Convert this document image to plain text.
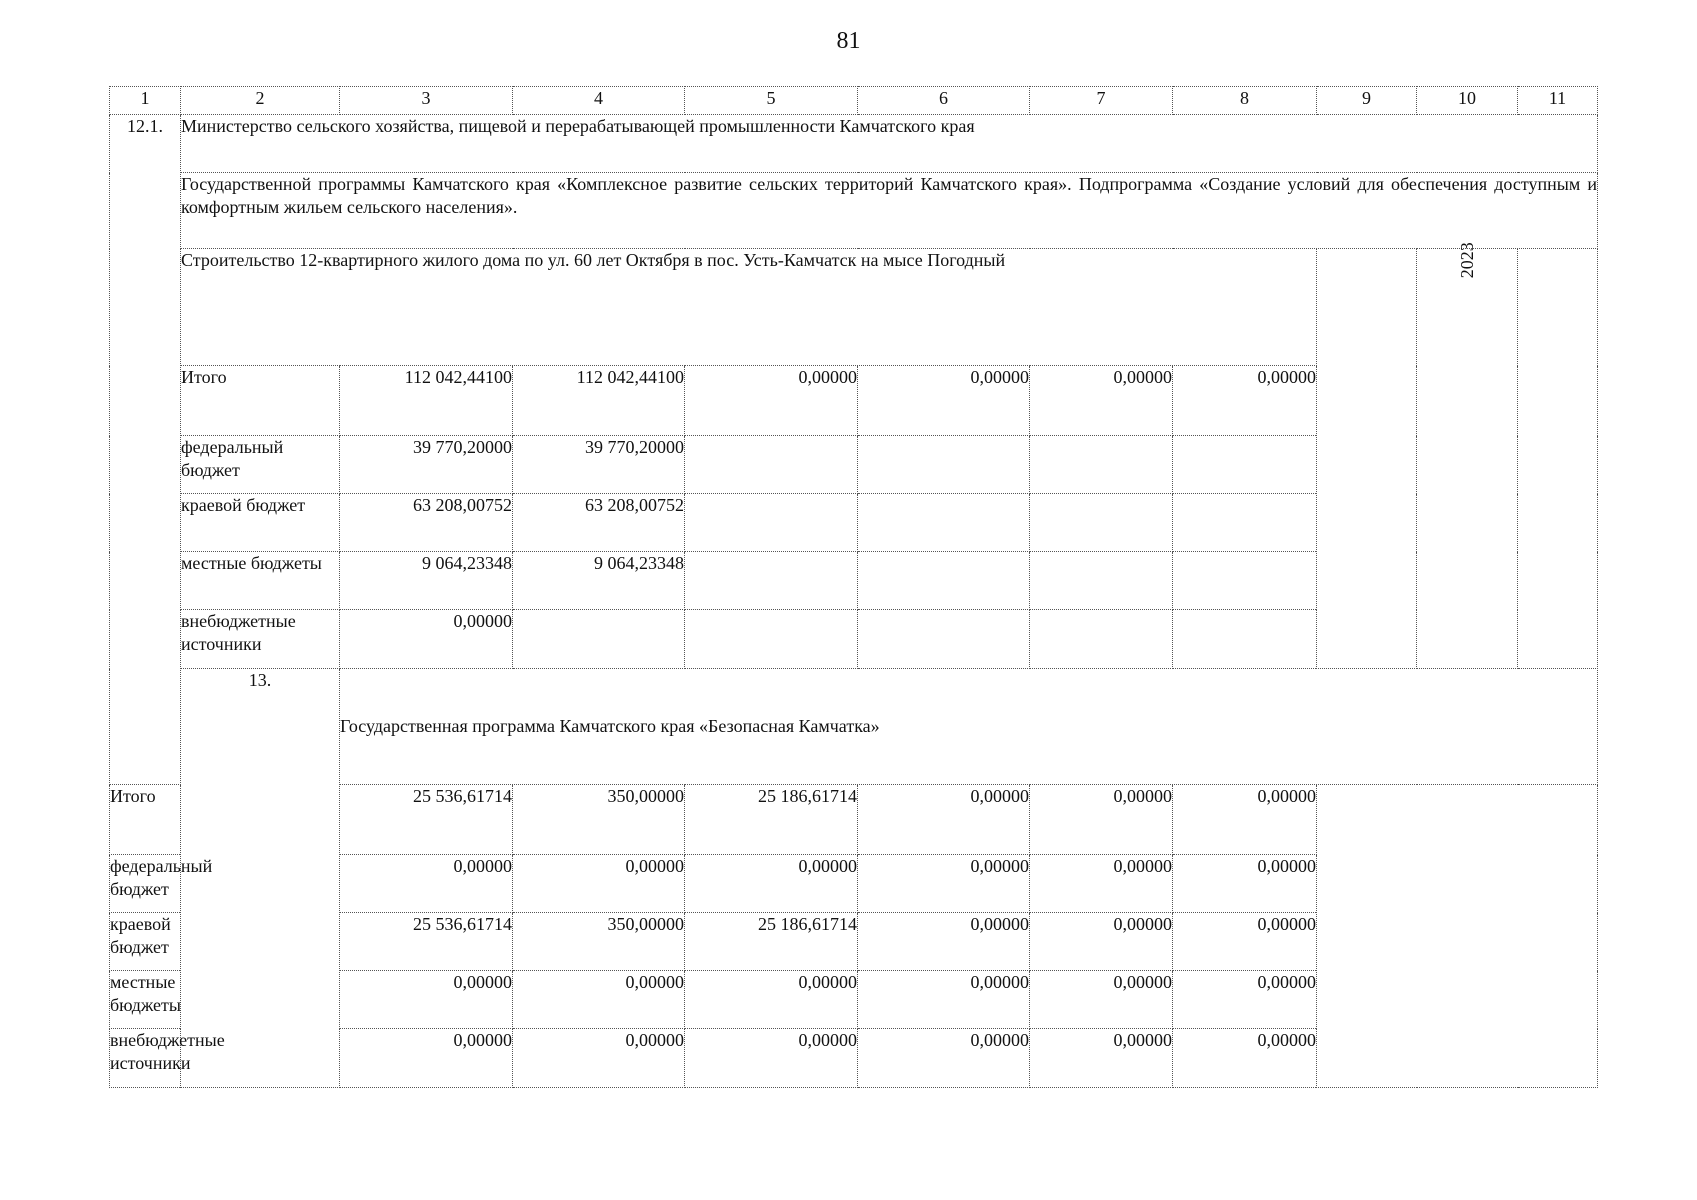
81
1	2	3	4	5	6	7	8	9	10	11
12.1.	Министерство сельского хозяйства, пищевой и перерабатывающей промышленности Камчатского края									
	Государственной программы Камчатского края «Комплексное развитие сельских территорий Камчатского края». Подпрограмма «Создание условий для обеспечения доступным и комфортным жильем сельского населения».									
	Строительство 12-квартирного жилого дома по ул. 60 лет Октября в пос. Усть-Камчатск на мысе Погодный								2023	
	Итого	112 042,44100	112 042,44100	0,00000	0,00000	0,00000	0,00000			
	федеральный бюджет	39 770,20000	39 770,20000							
	краевой бюджет	63 208,00752	63 208,00752							
	местные бюджеты	9 064,23348	9 064,23348							
	внебюджетные источники	0,00000								
	13.	Государственная программа Камчатского края «Безопасная Камчатка»								
Итого		25 536,61714	350,00000	25 186,61714	0,00000	0,00000	0,00000			
федеральный бюджет		0,00000	0,00000	0,00000	0,00000	0,00000	0,00000			
краевой бюджет		25 536,61714	350,00000	25 186,61714	0,00000	0,00000	0,00000			
местные бюджеты		0,00000	0,00000	0,00000	0,00000	0,00000	0,00000			
внебюджетные источники		0,00000	0,00000	0,00000	0,00000	0,00000	0,00000			
